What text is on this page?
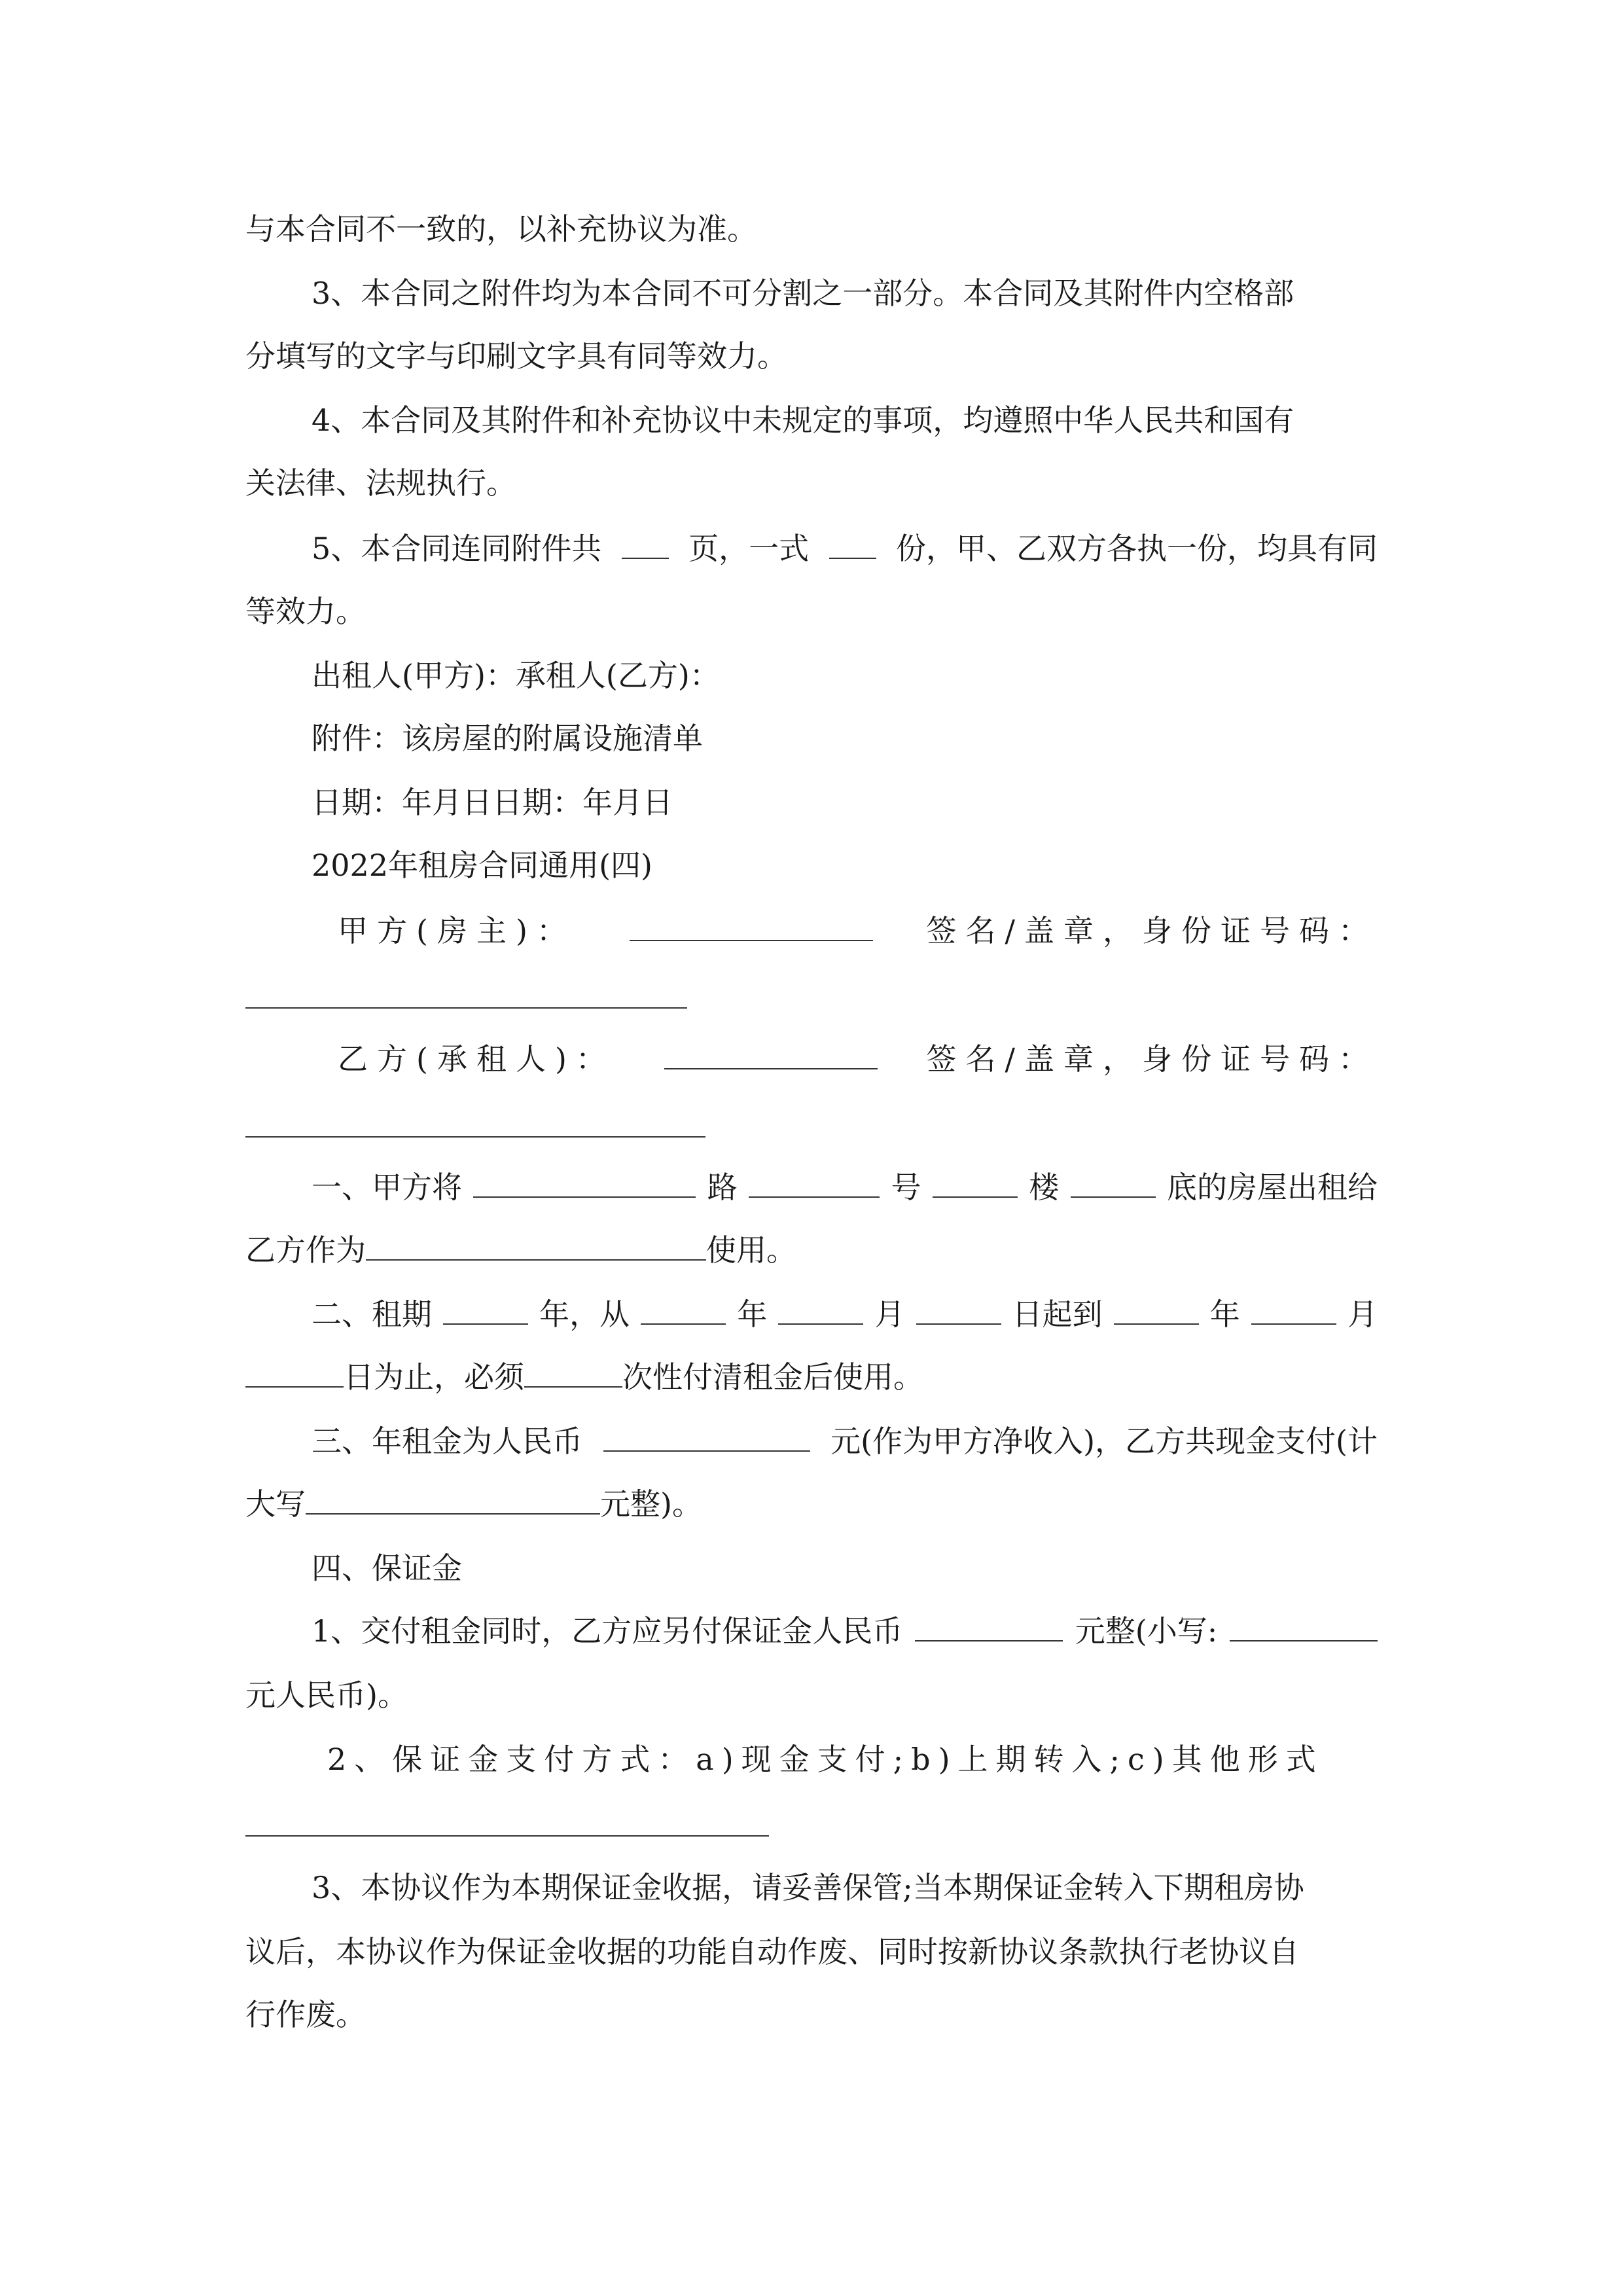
与本合同不一致的，以补充协议为准。
3、本合同之附件均为本合同不可分割之一部分。本合同及其附件内空格部
分填写的文字与印刷文字具有同等效力。
4、本合同及其附件和补充协议中未规定的事项，均遵照中华人民共和国有
关法律、法规执行。
5、本合同连同附件共	页，一式	份，甲、乙双方各执一份，均具有同
等效力。
出租人(甲方)：承租人(乙方)：
附件：该房屋的附属设施清单
日期：年月日日期：年月日
2022年租房合同通用(四)
甲方(房主)：	签名/盖章，身份证号码：
乙方(承租人)：	签名/盖章，身份证号码：
一、甲方将	路	号	楼	底的房屋出租给
乙方作为	使用。
二、租期	年，从	年	月	日起到	年	月
日为止，必须	次性付清租金后使用。
三、年租金为人民币	元(作为甲方净收入)，乙方共现金支付(计
大写	元整)。
四、保证金
1、交付租金同时，乙方应另付保证金人民币	元整(小写:
元人民币)。
2、保证金支付方式：a)现金支付;b)上期转入;c)其他形式
3、本协议作为本期保证金收据，请妥善保管;当本期保证金转入下期租房协
议后，本协议作为保证金收据的功能自动作废、同时按新协议条款执行老协议自
行作废。
